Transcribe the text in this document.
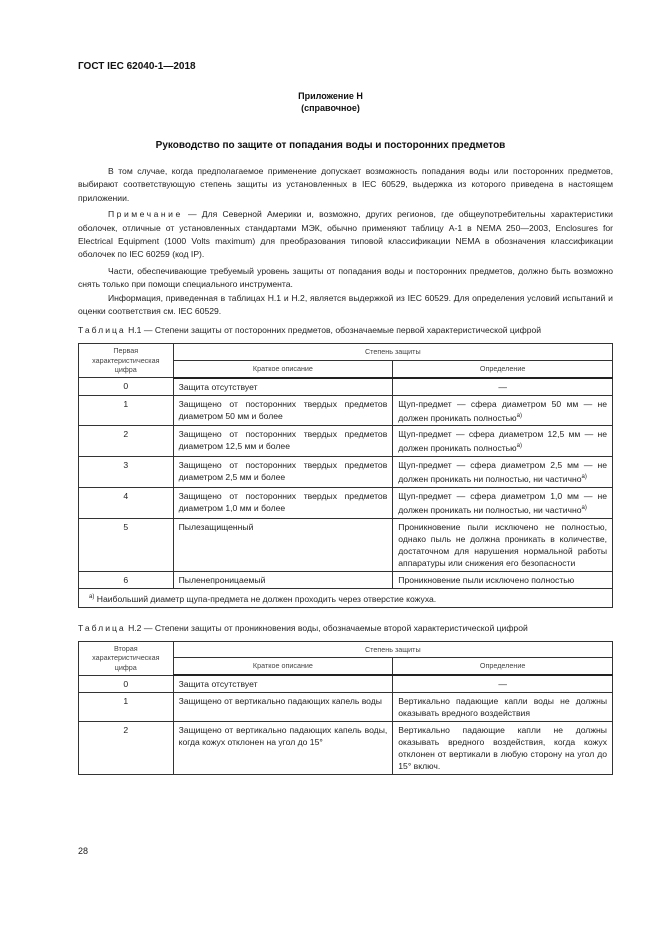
ГОСТ IEC 62040-1—2018
Приложение Н
(справочное)
Руководство по защите от попадания воды и посторонних предметов

В том случае, когда предполагаемое применение допускает возможность попадания воды или посторонних предметов, выбирают соответствующую степень защиты из установленных в IEC 60529, выдержка из которого приведена в настоящем приложении.

Примечание — Для Северной Америки и, возможно, других регионов, где общеупотребительны характеристики оболочек, отличные от установленных стандартами МЭК, обычно применяют таблицу А-1 в NEMA 250—2003, Enclosures for Electrical Equipment (1000 Volts maximum) для преобразования типовой классификации NEMA в обозначения классификации оболочек по IEC 60259 (код IP).

Части, обеспечивающие требуемый уровень защиты от попадания воды и посторонних предметов, должно быть возможно снять только при помощи специального инструмента.

Информация, приведенная в таблицах Н.1 и Н.2, является выдержкой из IEC 60529. Для определения условий испытаний и оценки соответствия см. IEC 60529.

Таблица Н.1 — Степени защиты от посторонних предметов, обозначаемые первой характеристической цифрой
Первая характеристическая цифра	Степень защиты	
	Краткое описание	Определение
0	Защита отсутствует	—
1	Защищено от посторонних твердых предметов диаметром 50 мм и более	Щуп-предмет — сфера диаметром 50 мм — не должен проникать полностью$^{а)}$
2	Защищено от посторонних твердых предметов диаметром 12,5 мм и более	Щуп-предмет — сфера диаметром 12,5 мм — не должен проникать полностью$^{а)}$
3	Защищено от посторонних твердых предметов диаметром 2,5 мм и более	Щуп-предмет — сфера диаметром 2,5 мм — не должен проникать ни полностью, ни частично$^{а)}$
4	Защищено от посторонних твердых предметов диаметром 1,0 мм и более	Щуп-предмет — сфера диаметром 1,0 мм — не должен проникать ни полностью, ни частично$^{а)}$
5	Пылезащищенный	Проникновение пыли исключено не полностью, однако пыль не должна проникать в количестве, достаточном для нарушения нормальной работы аппаратуры или снижения его безопасности
6	Пыленепроницаемый	Проникновение пыли исключено полностью
$^{а)}$ Наибольший диаметр щупа-предмета не должен проходить через отверстие кожуха.		
Таблица Н.2 — Степени защиты от проникновения воды, обозначаемые второй характеристической цифрой
Вторая характеристическая цифра	Степень защиты	
	Краткое описание	Определение
0	Защита отсутствует	—
1	Защищено от вертикально падающих капель воды	Вертикально падающие капли воды не должны оказывать вредного воздействия
2	Защищено от вертикально падающих капель воды, когда кожух отклонен на угол до 15°	Вертикально падающие капли не должны оказывать вредного воздействия, когда кожух отклонен от вертикали в любую сторону на угол до 15° включ.
28
